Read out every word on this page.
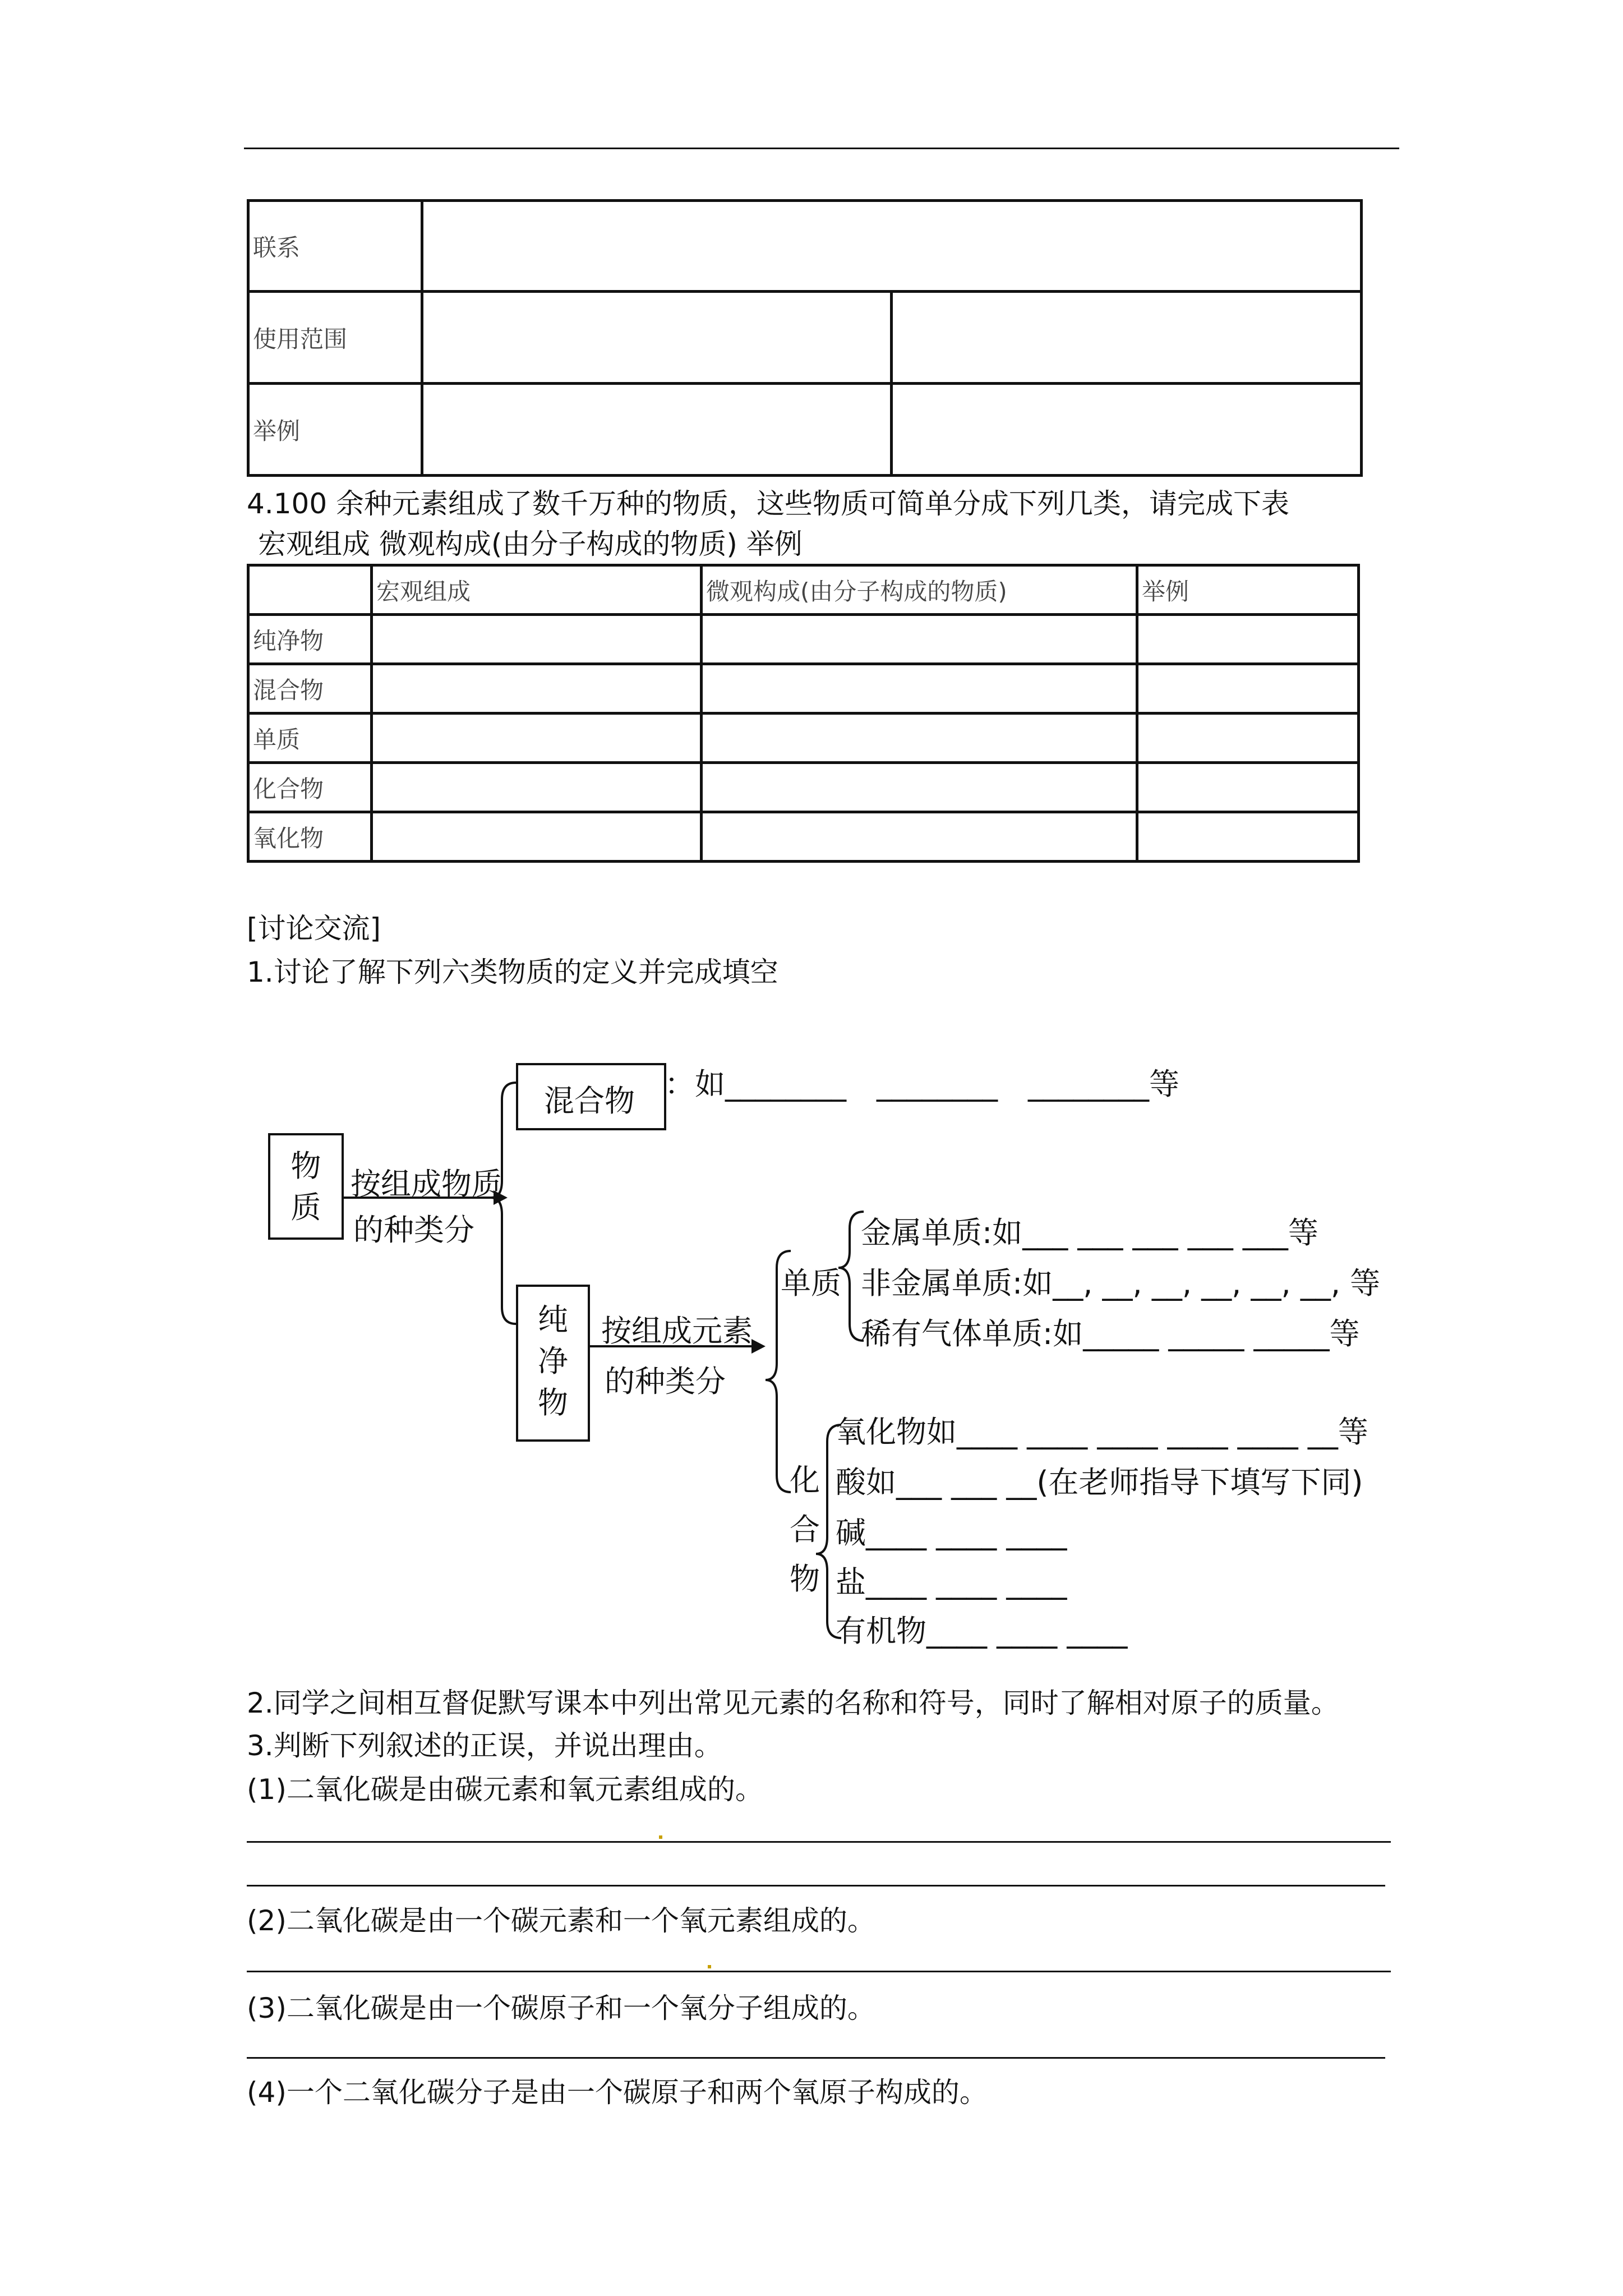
联系		
使用范围		
举例		
4.100 余种元素组成了数千万种的物质，这些物质可简单分成下列几类，请完成下表
宏观组成 微观构成(由分子构成的物质) 举例
	宏观组成	微观构成(由分子构成的物质)	举例
纯净物			
混合物			
单质			
化合物			
氧化物			
[讨论交流]
1.讨论了解下列六类物质的定义并完成填空
物
质
按组成物质
的种类分
混合物 ：如________　________　________等
纯
净
物
按组成元素
的种类分
单质
金属单质:如___ ___ ___ ___ ___等
非金属单质:如__, __, __, __, __, __, 等
稀有气体单质:如_____ _____ _____等
化
合
物
氧化物如____ ____ ____ ____ ____ __等
酸如___ ___ __(在老师指导下填写下同)
碱____ ____ ____
盐____ ____ ____
有机物____ ____ ____
2.同学之间相互督促默写课本中列出常见元素的名称和符号，同时了解相对原子的质量。
3.判断下列叙述的正误，并说出理由。
(1)二氧化碳是由碳元素和氧元素组成的。
(2)二氧化碳是由一个碳元素和一个氧元素组成的。
(3)二氧化碳是由一个碳原子和一个氧分子组成的。
(4)一个二氧化碳分子是由一个碳原子和两个氧原子构成的。
